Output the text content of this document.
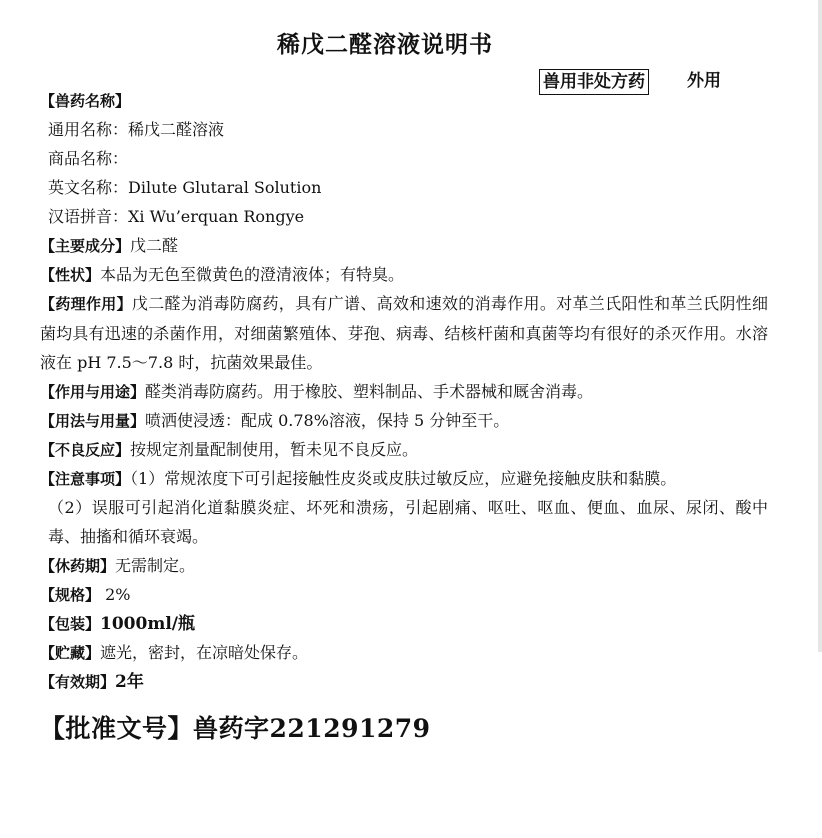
稀戊二醛溶液说明书
兽用非处方药 外用
【兽药名称】
通用名称：稀戊二醛溶液
商品名称：
英文名称：Dilute Glutaral Solution
汉语拼音：Xi Wu’erquan Rongye
【主要成分】戊二醛
【性状】本品为无色至微黄色的澄清液体；有特臭。
【药理作用】戊二醛为消毒防腐药，具有广谱、高效和速效的消毒作用。对革兰氏阳性和革兰氏阴性细菌均具有迅速的杀菌作用，对细菌繁殖体、芽孢、病毒、结核杆菌和真菌等均有很好的杀灭作用。水溶液在 pH 7.5～7.8 时，抗菌效果最佳。
【作用与用途】醛类消毒防腐药。用于橡胶、塑料制品、手术器械和厩舍消毒。
【用法与用量】喷洒使浸透：配成 0.78%溶液，保持 5 分钟至干。
【不良反应】按规定剂量配制使用，暂未见不良反应。
【注意事项】（1）常规浓度下可引起接触性皮炎或皮肤过敏反应，应避免接触皮肤和黏膜。
（2）误服可引起消化道黏膜炎症、坏死和溃疡，引起剧痛、呕吐、呕血、便血、血尿、尿闭、酸中毒、抽搐和循环衰竭。
【休药期】无需制定。
【规格】 2%
【包装】1000ml/瓶
【贮藏】遮光，密封，在凉暗处保存。
【有效期】2年
【批准文号】兽药字221291279
